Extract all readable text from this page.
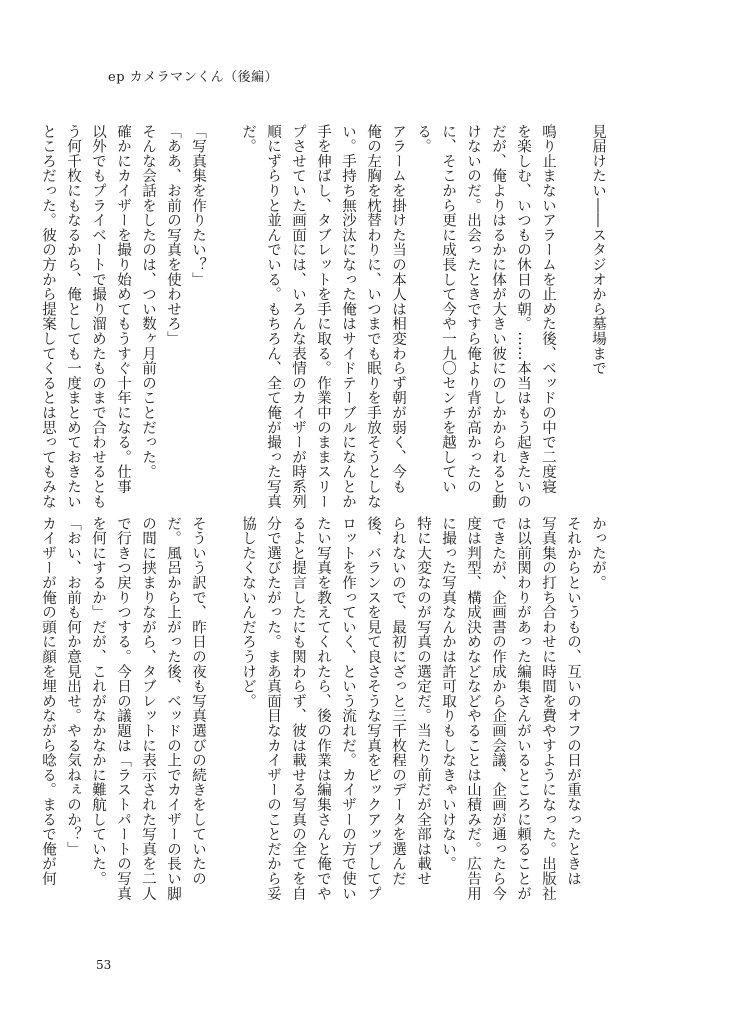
ep カメラマンくん（後編）
見届けたい――スタジオから墓場まで

鳴り止まないアラームを止めた後、ベッドの中で二度寝
を楽しむ、いつもの休日の朝。……本当はもう起きたいの
だが、俺よりはるかに体が大きい彼にのしかかられると動
けないのだ。出会ったときですら俺より背が高かったの
に、そこから更に成長して今や一九〇センチを越してい
る。
アラームを掛けた当の本人は相変わらず朝が弱く、今も
俺の左胸を枕替わりに、いつまでも眠りを手放そうとしな
い。手持ち無沙汰になった俺はサイドテーブルになんとか
手を伸ばし、タブレットを手に取る。作業中のままスリー
プさせていた画面には、いろんな表情のカイザーが時系列
順にずらりと並んでいる。もちろん、全て俺が撮った写真
だ。

「写真集を作りたい？」
「ああ、お前の写真を使わせろ」
そんな会話をしたのは、つい数ヶ月前のことだった。
確かにカイザーを撮り始めてもうすぐ十年になる。仕事
以外でもプライベートで撮り溜めたものまで合わせるとも
う何千枚にもなるから、俺としても一度まとめておきたい
ところだった。彼の方から提案してくるとは思ってもみな
かったが。
それからというもの、互いのオフの日が重なったときは
写真集の打ち合わせに時間を費やすようになった。出版社
は以前関わりがあった編集さんがいるところに頼ることが
できたが、企画書の作成から企画会議、企画が通ったら今
度は判型、構成決めなどなどやることは山積みだ。広告用
に撮った写真なんかは許可取りもしなきゃいけない。
特に大変なのが写真の選定だ。当たり前だが全部は載せ
られないので、最初にざっと三千枚程のデータを選んだ
後、バランスを見て良さそうな写真をピックアップしてプ
ロットを作っていく、という流れだ。カイザーの方で使い
たい写真を教えてくれたら、後の作業は編集さんと俺でや
るよと提言したにも関わらず、彼は載せる写真の全てを自
分で選びたがった。まあ真面目なカイザーのことだから妥
協したくないんだろうけど。

そういう訳で、昨日の夜も写真選びの続きをしていたの
だ。風呂から上がった後、ベッドの上でカイザーの長い脚
の間に挟まりながら、タブレットに表示された写真を二人
で行きつ戻りつする。今日の議題は「ラストパートの写真
を何にするか」だが、これがなかなかに難航していた。
「おい、お前も何か意見出せ。やる気ねぇのか？」
カイザーが俺の頭に顔を埋めながら唸る。まるで俺が何
53
